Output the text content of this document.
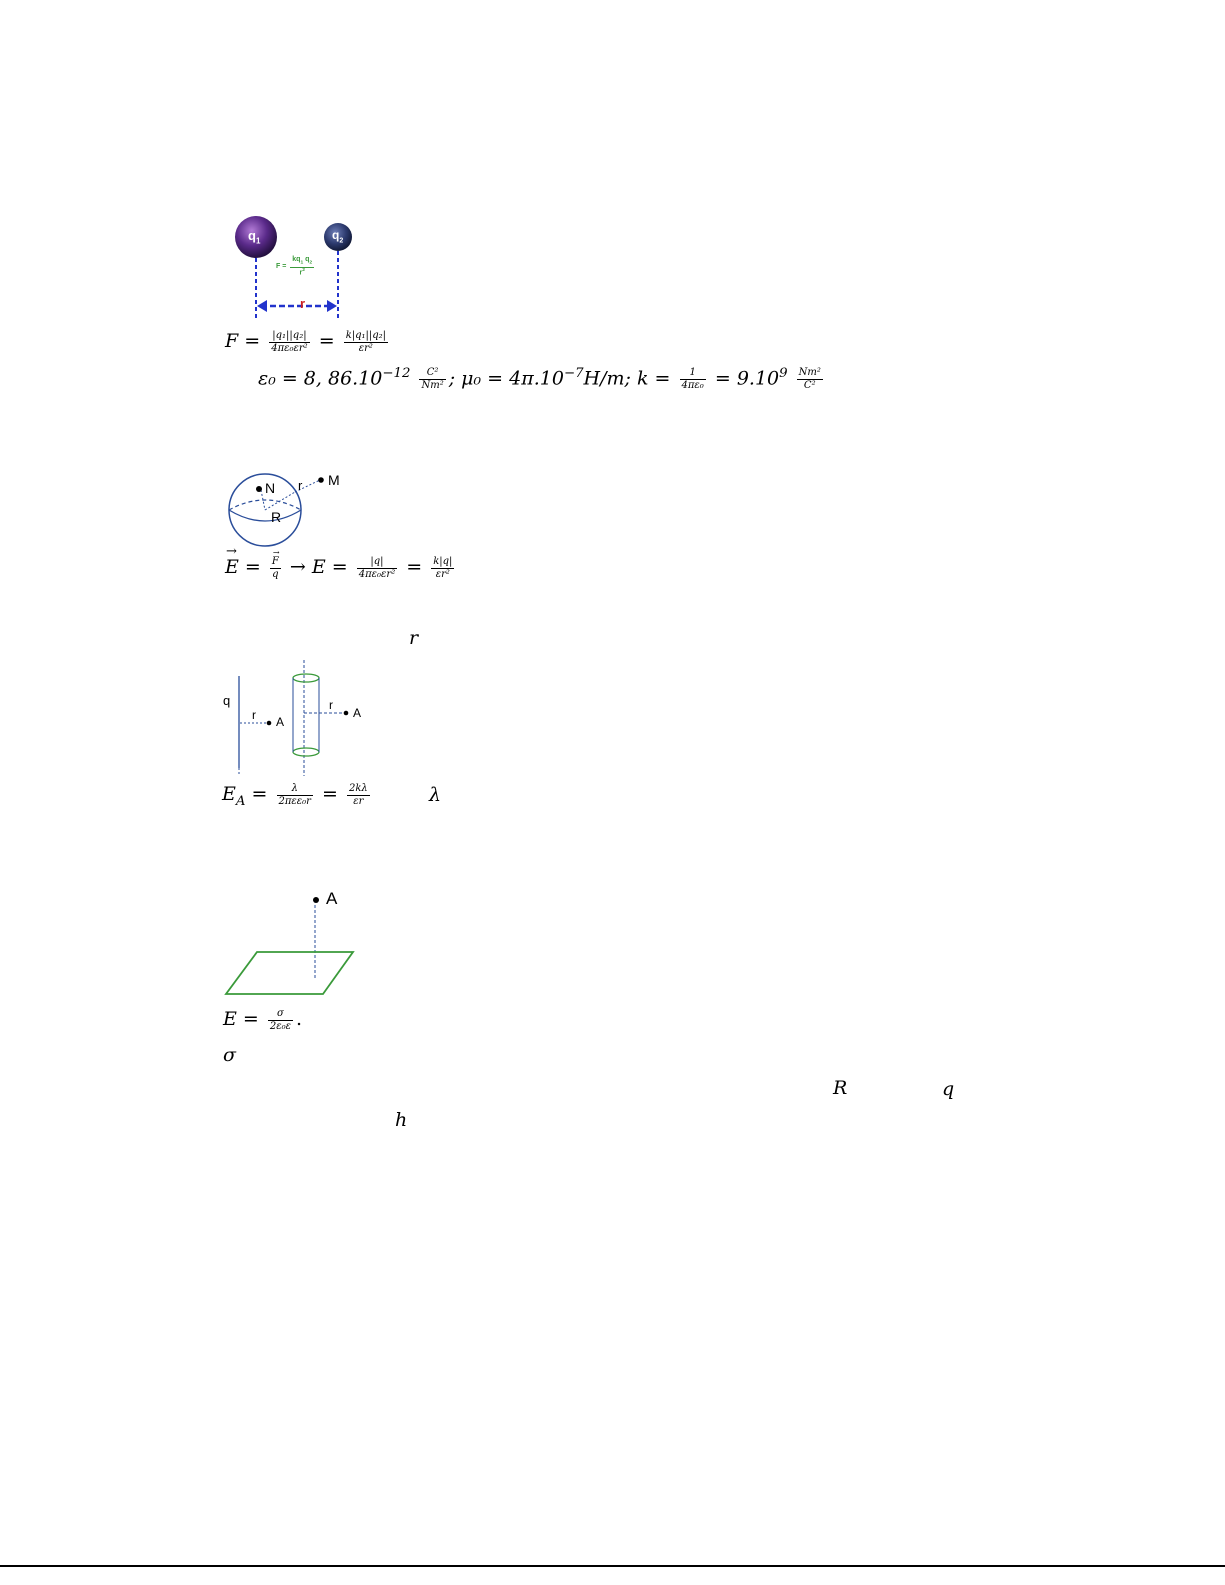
$q_1$	$q_2$
$F = \frac{kq_1 q_2}{r^2}$
r
$F = \frac{\text{|q₁||q₂|}}{\text{4πε₀εr²}} = \frac{\text{k|q₁||q₂|}}{\text{εr²}}$
ε₀ = 8, $86.10^{-12} \frac{\text{C²}}{\text{Nm²}}$ ; $\mu_0 = 4\pi.10^{-7}H/m$; $k = \frac{1}{\text{4πε₀}} = 9.10^9 \frac{\text{Nm²}}{\text{C²}}$
N	M
r
R
→
E = →
F
$q \to E = \frac{|q|}{\text{4πε₀εr²}} = \frac{k|q|}{\text{εr²}}$
r
q
r A
r
A
$E_A = \frac{\lambda}{\text{2πεε₀r}} = \frac{2k\lambda}{\varepsilon r}$	λ
A
$E = \frac{\sigma}{\text{2ε₀ε}}$ .
σ
R	q
h
